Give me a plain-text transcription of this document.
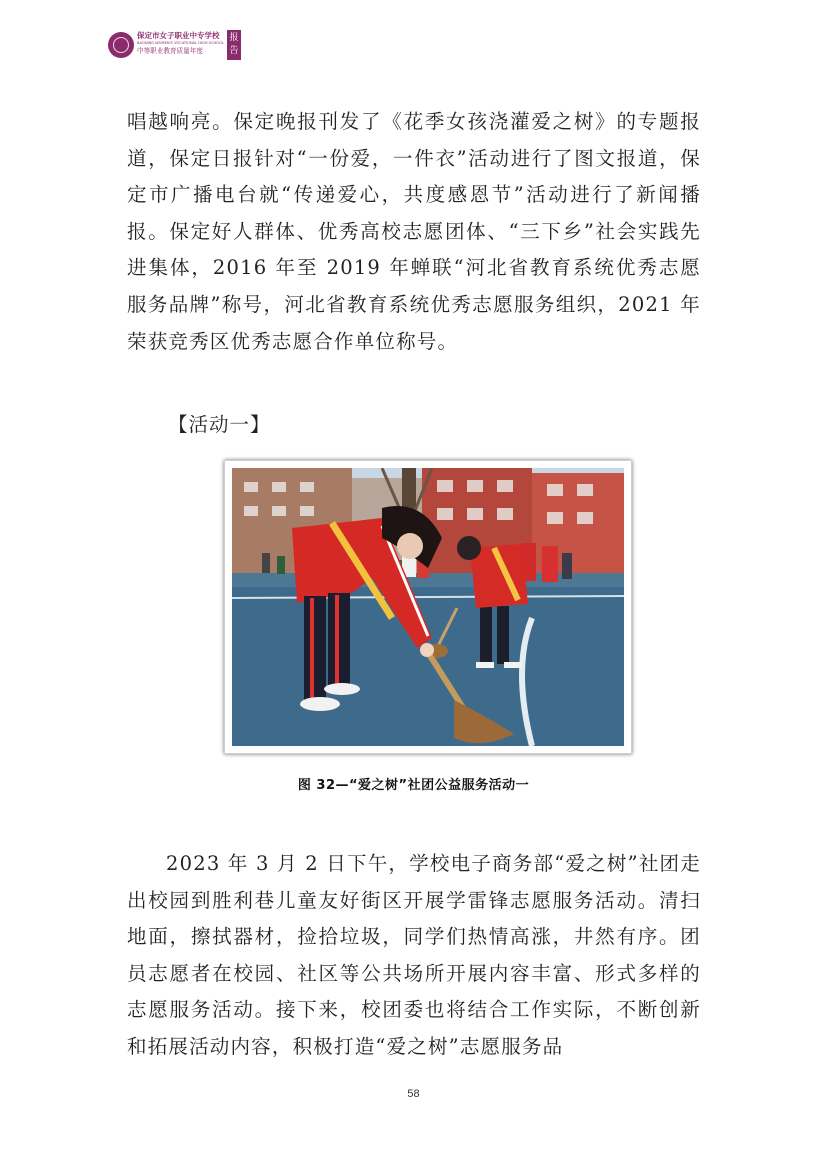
保定市女子职业中专学校
BAODING WOMEN'S VOCATIONAL HIGH SCHOOL
中等职业教育质量年度
报告

唱越响亮。保定晚报刊发了《花季女孩浇灌爱之树》的专题报道，保定日报针对“一份爱，一件衣”活动进行了图文报道，保定市广播电台就“传递爱心，共度感恩节”活动进行了新闻播报。保定好人群体、优秀高校志愿团体、“三下乡”社会实践先进集体，2016 年至 2019 年蝉联“河北省教育系统优秀志愿服务品牌”称号，河北省教育系统优秀志愿服务组织，2021 年荣获竞秀区优秀志愿合作单位称号。

【活动一】
图 32—“爱之树”社团公益服务活动一

2023 年 3 月 2 日下午，学校电子商务部“爱之树”社团走出校园到胜利巷儿童友好街区开展学雷锋志愿服务活动。清扫地面，擦拭器材，捡拾垃圾，同学们热情高涨，井然有序。团员志愿者在校园、社区等公共场所开展内容丰富、形式多样的志愿服务活动。接下来，校团委也将结合工作实际，不断创新和拓展活动内容，积极打造“爱之树”志愿服务品

58
